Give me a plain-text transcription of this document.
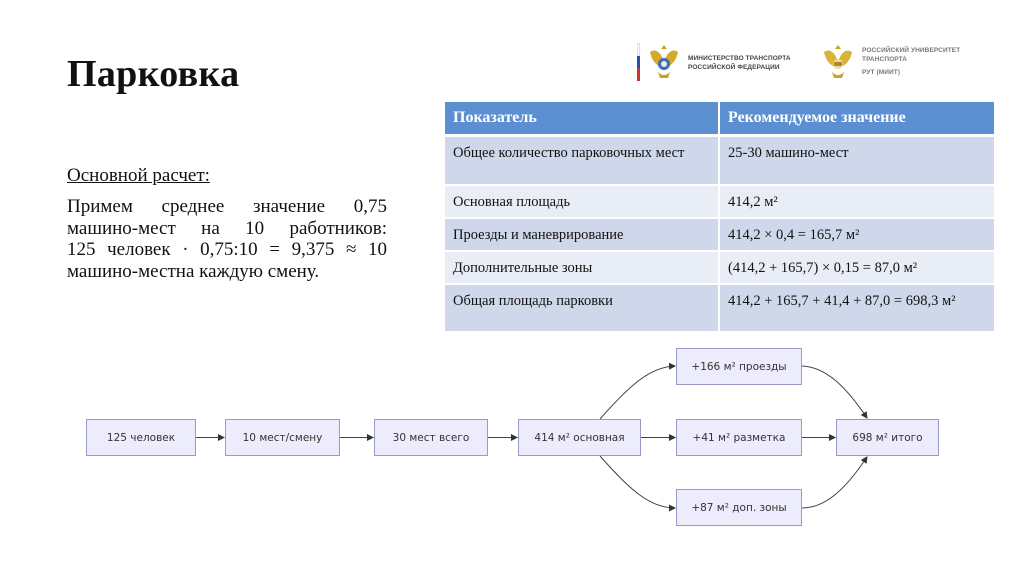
Парковка	МИНИСТЕРСТВО ТРАНСПОРТА
РОССИЙСКОЙ ФЕДЕРАЦИИ
РОССИЙСКИЙ УНИВЕРСИТЕТ
ТРАНСПОРТА
РУТ (МИИТ)
Основной расчет:
Примем среднее значение 0,75
машино-мест на 10 работников:
125 человек · 0,75:10 = 9,375 ≈ 10
машино-местна каждую смену.
Показатель	Рекомендуемое значение
Общее количество парковочных мест	25-30 машино-мест
Основная площадь	414,2 м²
Проезды и маневрирование	414,2 × 0,4 = 165,7 м²
Дополнительные зоны	(414,2 + 165,7) × 0,15 = 87,0 м²
Общая площадь парковки	414,2 + 165,7 + 41,4 + 87,0 = 698,3 м²
125 человек	10 мест/смену	30 мест всего	414 м² основная
+166 м² проезды
+41 м² разметка
+87 м² доп. зоны
698 м² итого
